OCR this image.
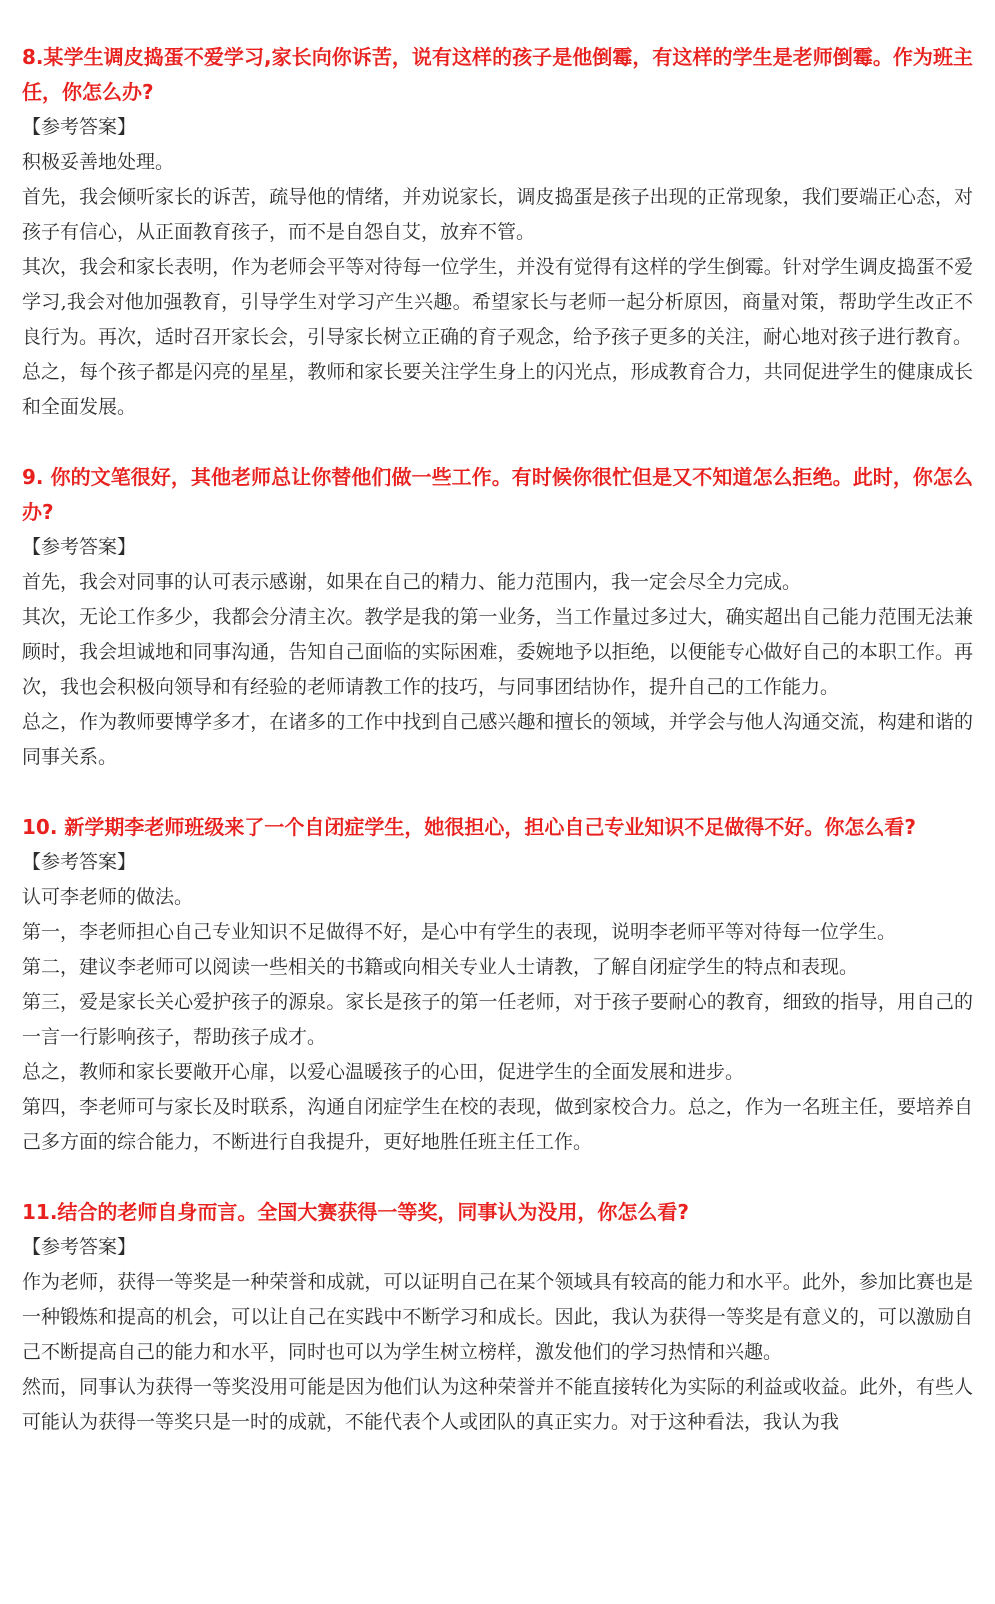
8.某学生调皮捣蛋不爱学习,家长向你诉苦，说有这样的孩子是他倒霉，有这样的学生是老师倒霉。作为班主任，你怎么办?

【参考答案】

积极妥善地处理。

首先，我会倾听家长的诉苦，疏导他的情绪，并劝说家长，调皮捣蛋是孩子出现的正常现象，我们要端正心态，对孩子有信心，从正面教育孩子，而不是自怨自艾，放弃不管。

其次，我会和家长表明，作为老师会平等对待每一位学生，并没有觉得有这样的学生倒霉。针对学生调皮捣蛋不爱学习,我会对他加强教育，引导学生对学习产生兴趣。希望家长与老师一起分析原因，商量对策，帮助学生改正不良行为。再次，适时召开家长会，引导家长树立正确的育子观念，给予孩子更多的关注，耐心地对孩子进行教育。

总之，每个孩子都是闪亮的星星，教师和家长要关注学生身上的闪光点，形成教育合力，共同促进学生的健康成长和全面发展。

9. 你的文笔很好，其他老师总让你替他们做一些工作。有时候你很忙但是又不知道怎么拒绝。此时，你怎么办?

【参考答案】

首先，我会对同事的认可表示感谢，如果在自己的精力、能力范围内，我一定会尽全力完成。

其次，无论工作多少，我都会分清主次。教学是我的第一业务，当工作量过多过大，确实超出自己能力范围无法兼顾时，我会坦诚地和同事沟通，告知自己面临的实际困难，委婉地予以拒绝，以便能专心做好自己的本职工作。再次，我也会积极向领导和有经验的老师请教工作的技巧，与同事团结协作，提升自己的工作能力。

总之，作为教师要博学多才，在诸多的工作中找到自己感兴趣和擅长的领域，并学会与他人沟通交流，构建和谐的同事关系。

10. 新学期李老师班级来了一个自闭症学生，她很担心，担心自己专业知识不足做得不好。你怎么看?

【参考答案】

认可李老师的做法。

第一，李老师担心自己专业知识不足做得不好，是心中有学生的表现，说明李老师平等对待每一位学生。

第二，建议李老师可以阅读一些相关的书籍或向相关专业人士请教，了解自闭症学生的特点和表现。

第三，爱是家长关心爱护孩子的源泉。家长是孩子的第一任老师，对于孩子要耐心的教育，细致的指导，用自己的一言一行影响孩子，帮助孩子成才。

总之，教师和家长要敞开心扉，以爱心温暖孩子的心田，促进学生的全面发展和进步。

第四，李老师可与家长及时联系，沟通自闭症学生在校的表现，做到家校合力。总之，作为一名班主任，要培养自己多方面的综合能力，不断进行自我提升，更好地胜任班主任工作。

11.结合的老师自身而言。全国大赛获得一等奖，同事认为没用，你怎么看?

【参考答案】

作为老师，获得一等奖是一种荣誉和成就，可以证明自己在某个领域具有较高的能力和水平。此外，参加比赛也是一种锻炼和提高的机会，可以让自己在实践中不断学习和成长。因此，我认为获得一等奖是有意义的，可以激励自己不断提高自己的能力和水平，同时也可以为学生树立榜样，激发他们的学习热情和兴趣。

然而，同事认为获得一等奖没用可能是因为他们认为这种荣誉并不能直接转化为实际的利益或收益。此外，有些人可能认为获得一等奖只是一时的成就，不能代表个人或团队的真正实力。对于这种看法，我认为我
